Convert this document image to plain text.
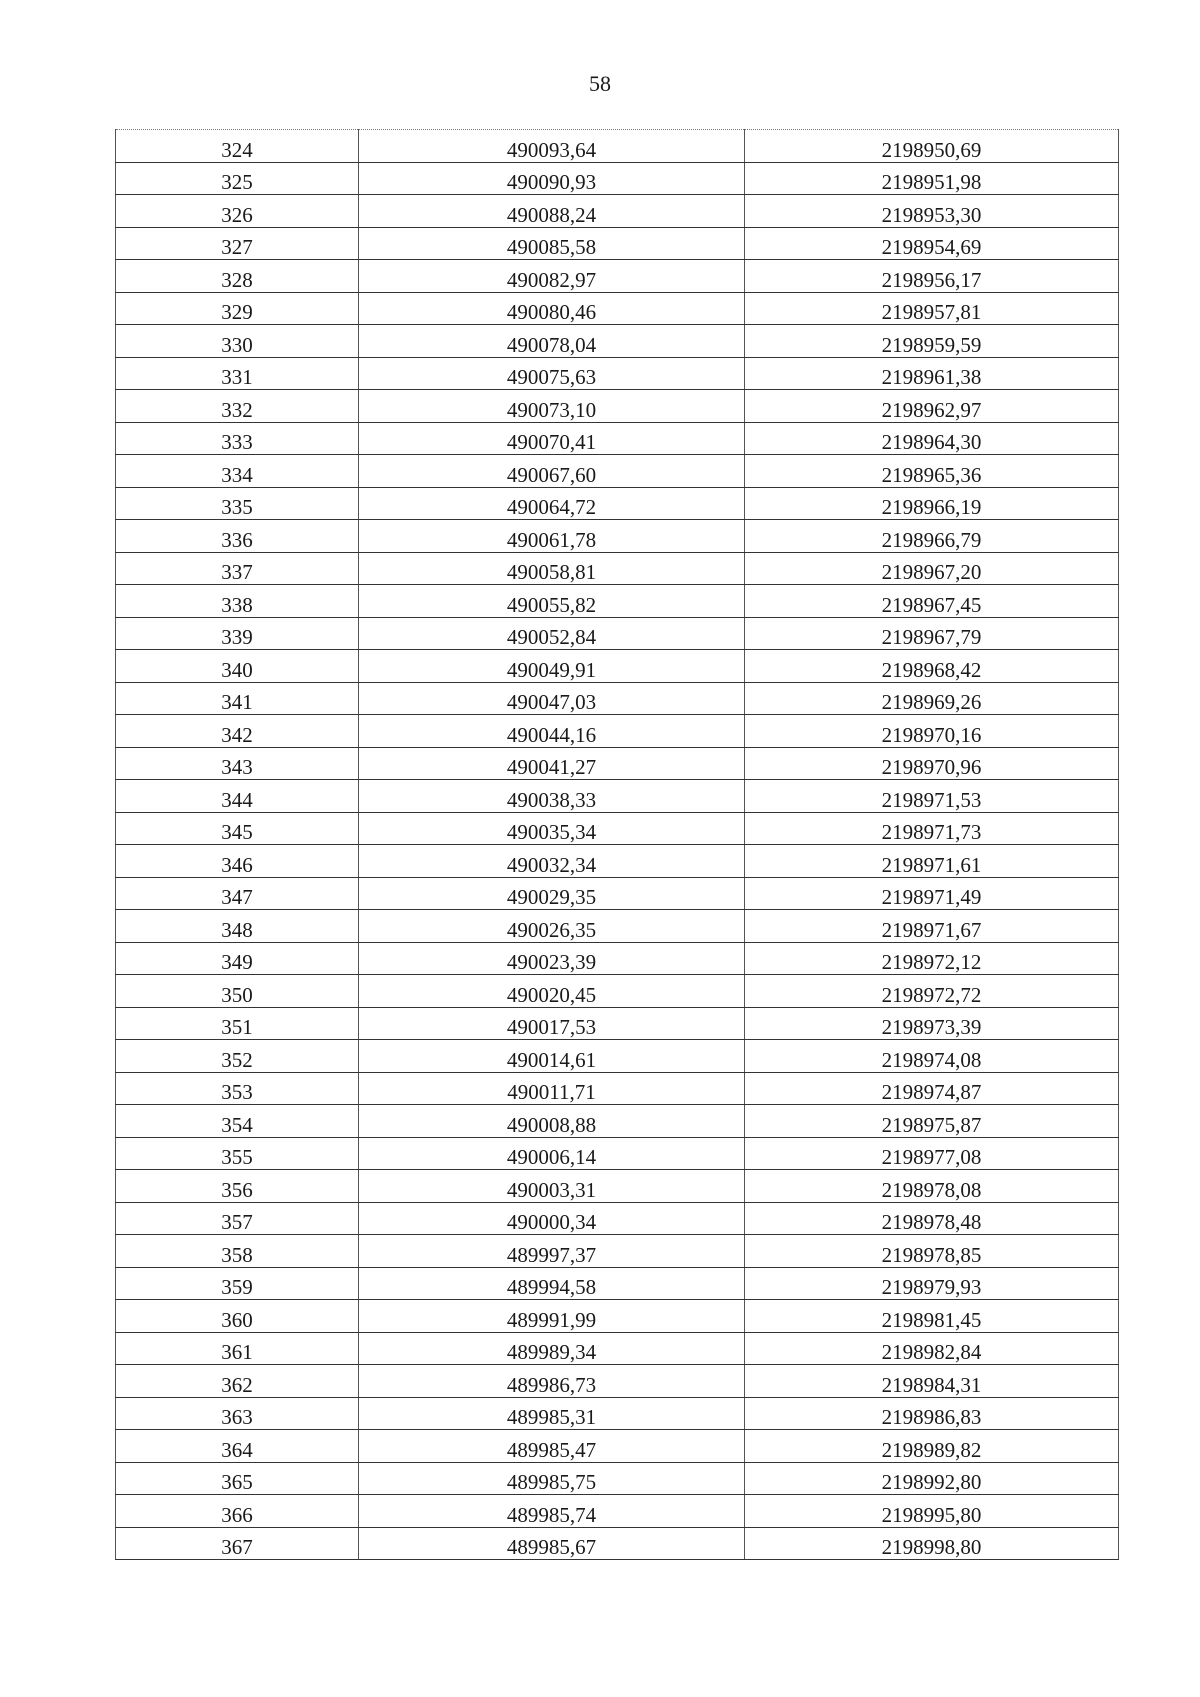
58
324	490093,64	2198950,69
325	490090,93	2198951,98
326	490088,24	2198953,30
327	490085,58	2198954,69
328	490082,97	2198956,17
329	490080,46	2198957,81
330	490078,04	2198959,59
331	490075,63	2198961,38
332	490073,10	2198962,97
333	490070,41	2198964,30
334	490067,60	2198965,36
335	490064,72	2198966,19
336	490061,78	2198966,79
337	490058,81	2198967,20
338	490055,82	2198967,45
339	490052,84	2198967,79
340	490049,91	2198968,42
341	490047,03	2198969,26
342	490044,16	2198970,16
343	490041,27	2198970,96
344	490038,33	2198971,53
345	490035,34	2198971,73
346	490032,34	2198971,61
347	490029,35	2198971,49
348	490026,35	2198971,67
349	490023,39	2198972,12
350	490020,45	2198972,72
351	490017,53	2198973,39
352	490014,61	2198974,08
353	490011,71	2198974,87
354	490008,88	2198975,87
355	490006,14	2198977,08
356	490003,31	2198978,08
357	490000,34	2198978,48
358	489997,37	2198978,85
359	489994,58	2198979,93
360	489991,99	2198981,45
361	489989,34	2198982,84
362	489986,73	2198984,31
363	489985,31	2198986,83
364	489985,47	2198989,82
365	489985,75	2198992,80
366	489985,74	2198995,80
367	489985,67	2198998,80
